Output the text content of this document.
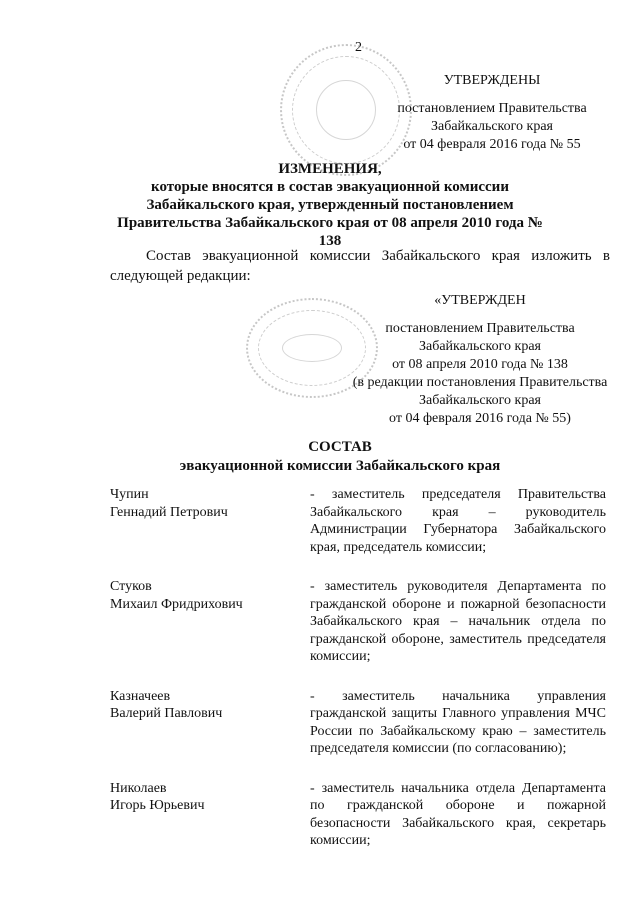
2
УТВЕРЖДЕНЫ
постановлением Правительства
Забайкальского края
от 04 февраля 2016 года № 55
ИЗМЕНЕНИЯ,
которые вносятся в состав эвакуационной комиссии Забайкальского края, утвержденный постановлением Правительства Забайкальского края от 08 апреля 2010 года № 138
Состав эвакуационной комиссии Забайкальского края изложить в следующей редакции:
«УТВЕРЖДЕН
постановлением Правительства
Забайкальского края
от 08 апреля 2010 года № 138
(в редакции постановления Правительства
Забайкальского края
от 04 февраля 2016 года № 55)
СОСТАВ
эвакуационной комиссии Забайкальского края
Чупин
Геннадий Петрович
- заместитель председателя Правительства Забайкальского края – руководитель Администрации Губернатора Забайкальского края, председатель комиссии;
Стуков
Михаил Фридрихович
- заместитель руководителя Департамента по гражданской обороне и пожарной безопасности Забайкальского края – начальник отдела по гражданской обороне, заместитель председателя комиссии;
Казначеев
Валерий Павлович
- заместитель начальника управления гражданской защиты Главного управления МЧС России по Забайкальскому краю – заместитель председателя комиссии (по согласованию);
Николаев
Игорь Юрьевич
- заместитель начальника отдела Департамента по гражданской обороне и пожарной безопасности Забайкальского края, секретарь комиссии;
